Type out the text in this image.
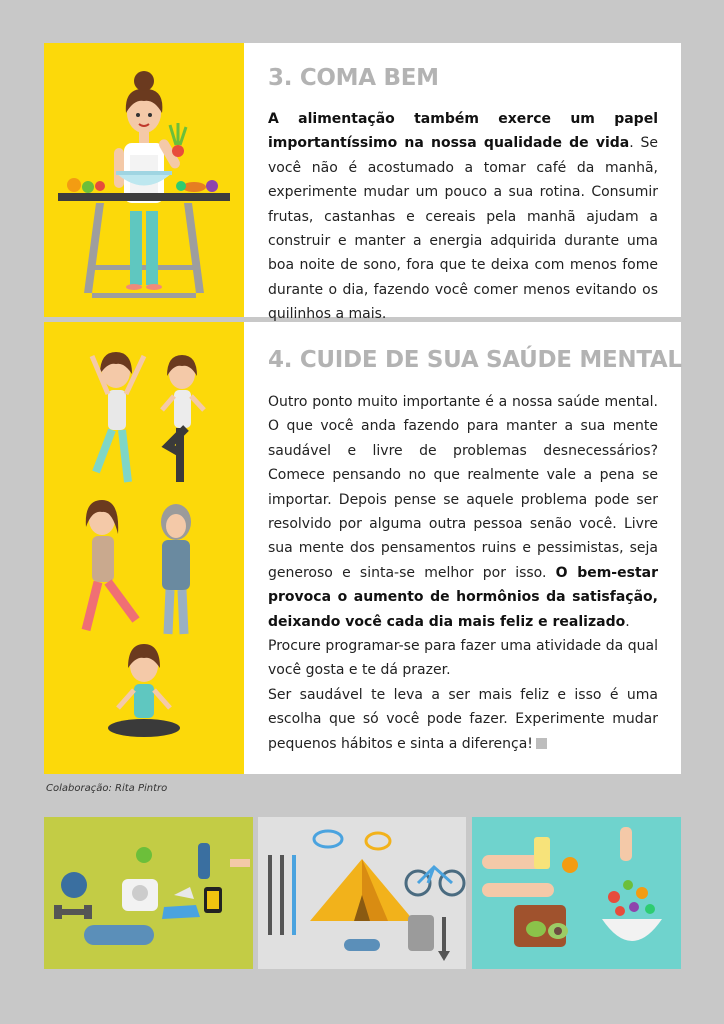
3. COMA BEM

A alimentação também exerce um papel importantíssimo na nossa qualidade de vida. Se você não é acostumado a tomar café da manhã, experimente mudar um pouco a sua rotina. Consumir frutas, castanhas e cereais pela manhã ajudam a construir e manter a energia adquirida durante uma boa noite de sono, fora que te deixa com menos fome durante o dia, fazendo você comer menos evitando os quilinhos a mais.

4. CUIDE DE SUA SAÚDE MENTAL

Outro ponto muito importante é a nossa saúde mental. O que você anda fazendo para manter a sua mente saudável e livre de problemas desnecessários? Comece pensando no que realmente vale a pena se importar. Depois pense se aquele problema pode ser resolvido por alguma outra pessoa senão você. Livre sua mente dos pensamentos ruins e pessimistas, seja generoso e sinta-se melhor por isso. O bem-estar provoca o aumento de hormônios da satisfação, deixando você cada dia mais feliz e realizado.

Procure programar-se para fazer uma atividade da qual você gosta e te dá prazer.

Ser saudável te leva a ser mais feliz e isso é uma escolha que só você pode fazer. Experimente mudar pequenos hábitos e sinta a diferença!

Colaboração: Rita Pintro
